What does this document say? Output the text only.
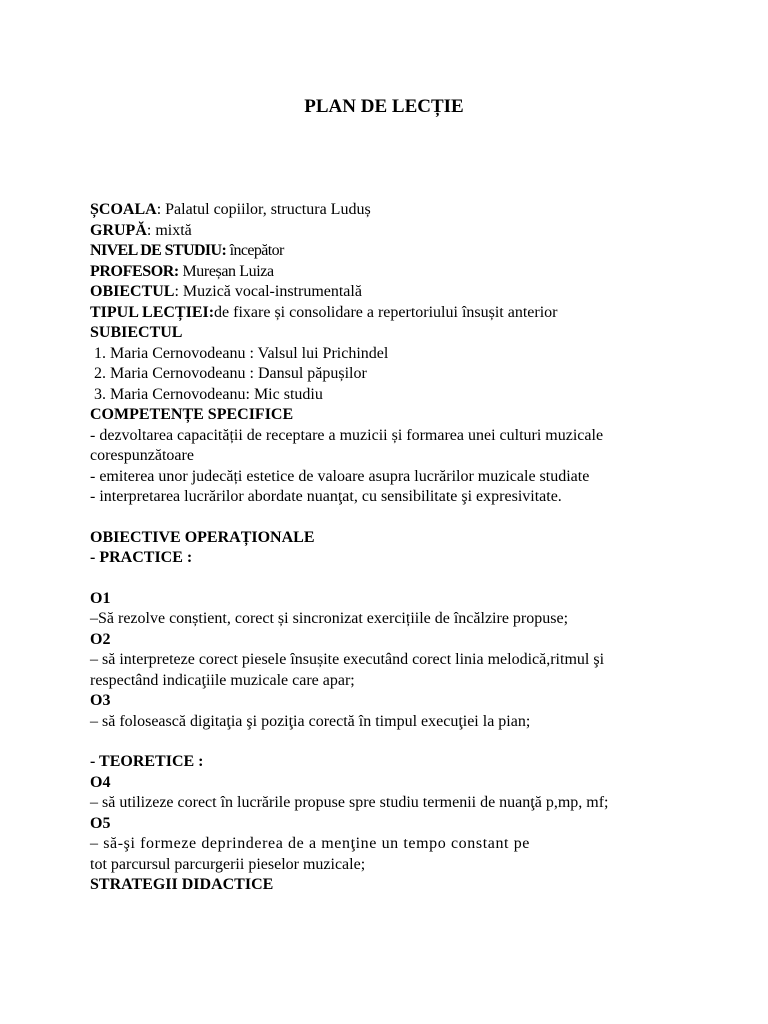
PLAN DE LECȚIE
ȘCOALA: Palatul copiilor, structura Luduș
GRUPĂ: mixtă
NIVEL DE STUDIU: începător
PROFESOR: Mureșan Luiza
OBIECTUL: Muzică vocal-instrumentală
TIPUL LECȚIEI:de fixare și consolidare a repertoriului însușit anterior
SUBIECTUL
1. Maria Cernovodeanu : Valsul lui Prichindel
2. Maria Cernovodeanu : Dansul păpușilor
3. Maria Cernovodeanu: Mic studiu
COMPETENȚE SPECIFICE
- dezvoltarea capacității de receptare a muzicii și formarea unei culturi muzicale
corespunzătoare
- emiterea unor judecăți estetice de valoare asupra lucrărilor muzicale studiate
- interpretarea lucrărilor abordate nuanţat, cu sensibilitate şi expresivitate.
OBIECTIVE OPERAȚIONALE
- PRACTICE :
O1
–Să rezolve conștient, corect și sincronizat exercițiile de încălzire propuse;
O2
– să interpreteze corect piesele însușite executând corect linia melodică,ritmul şi
respectând indicaţiile muzicale care apar;
O3
– să folosească digitaţia şi poziţia corectă în timpul execuţiei la pian;
- TEORETICE :
O4
– să utilizeze corect în lucrările propuse spre studiu termenii de nuanţă p,mp, mf;
O5
– să-şi formeze deprinderea de a menţine un tempo constant pe
tot parcursul parcurgerii pieselor muzicale;
STRATEGII DIDACTICE
